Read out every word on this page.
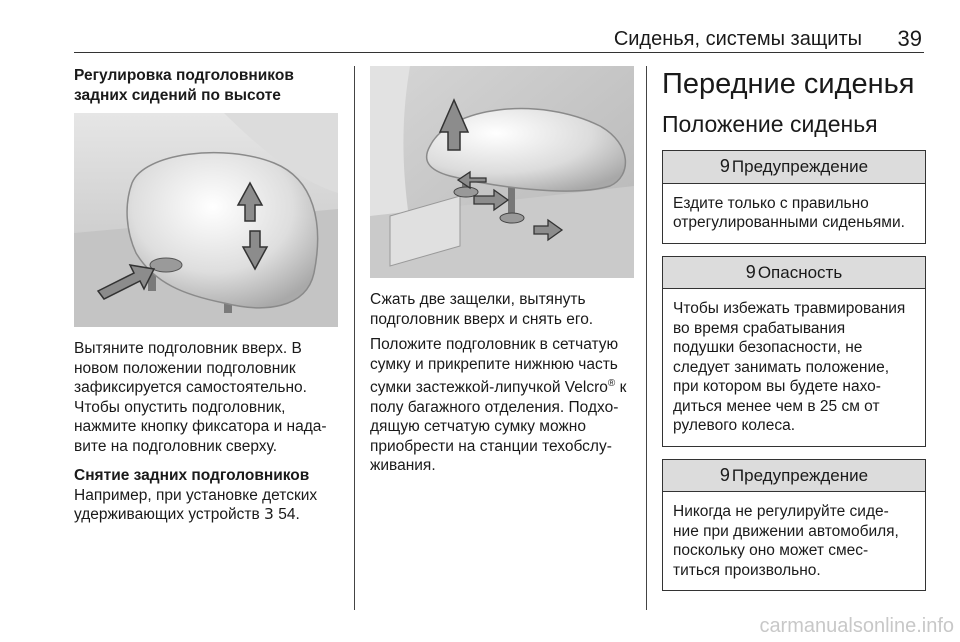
Сиденья, системы защиты 39

Регулировка подголовников
задних сидений по высоте

Вытяните подголовник вверх. В
новом положении подголовник
зафиксируется самостоятельно.
Чтобы опустить подголовник,
нажмите кнопку фиксатора и нада-
вите на подголовник сверху.

Снятие задних подголовников

Например, при установке детских
удерживающих устройств 3 54.

Сжать две защелки, вытянуть
подголовник вверх и снять его.

Положите подголовник в сетчатую
сумку и прикрепите нижнюю часть
сумки застежкой-липучкой Velcro® к
полу багажного отделения. Подхо-
дящую сетчатую сумку можно
приобрести на станции техобслу-
живания.

Передние сиденья
Положение сиденья
9 Предупреждение
Ездите только с правильно
отрегулированными сиденьями.
9 Опасность
Чтобы избежать травмирования
во время срабатывания
подушки безопасности, не
следует занимать положение,
при котором вы будете нахо-
диться менее чем в 25 см от
рулевого колеса.
9 Предупреждение
Никогда не регулируйте сиде-
ние при движении автомобиля,
поскольку оно может смес-
титься произвольно.
carmanualsonline.info
